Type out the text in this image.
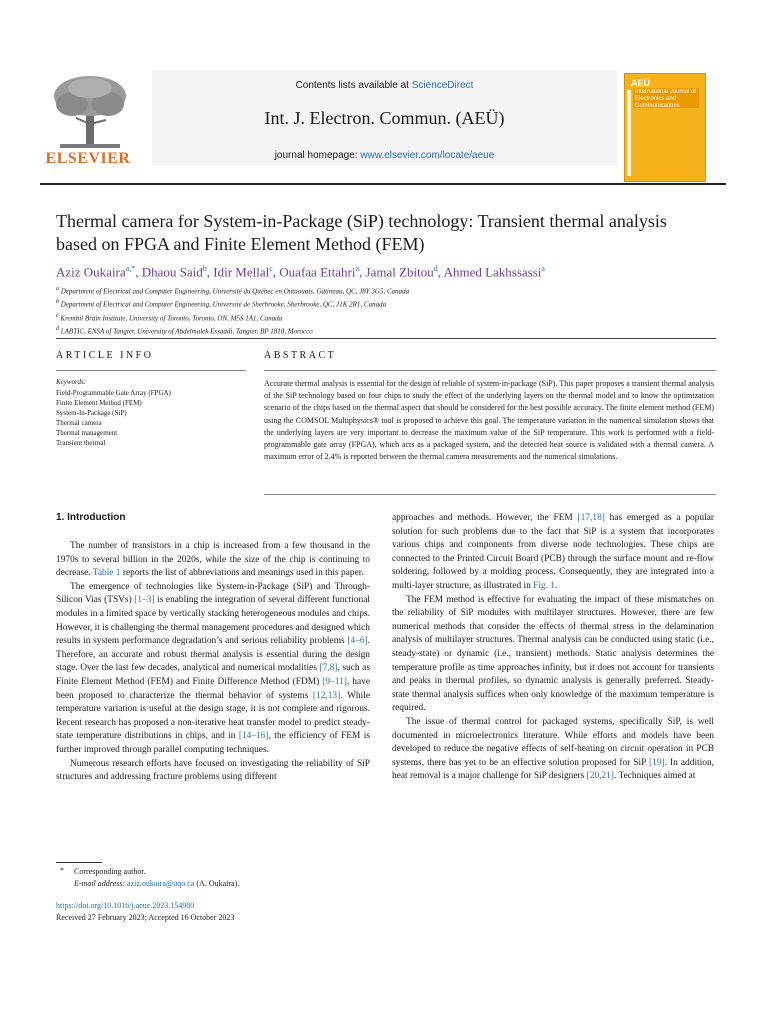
ELSEVIER
Contents lists available at ScienceDirect
Int. J. Electron. Commun. (AEÜ)
journal homepage: www.elsevier.com/locate/aeue
AEÜ
International Journal of Electronics and Communications
Thermal camera for System-in-Package (SiP) technology: Transient thermal analysis based on FPGA and Finite Element Method (FEM)
Aziz Oukaira$^{a,*}$, Dhaou Said$^b$, Idir Mellal$^c$, Ouafaa Ettahri$^a$, Jamal Zbitou$^d$, Ahmed Lakhssassi$^a$
$^a$ Department of Electrical and Computer Engineering, Université du Québec en Outaouais, Gatineau, QC, J8Y 3G5, Canada
$^b$ Department of Electrical and Computer Engineering, Université de Sherbrooke, Sherbrooke, QC, J1K 2R1, Canada
$^c$ Krembil Brain Institute, University of Toronto, Toronto, ON, M5S 1A1, Canada
$^d$ LABTIC, ENSA of Tangier, University of Abdelmalek Essaadi, Tangier, BP 1818, Morocco
ARTICLE INFO	ABSTRACT
Keywords:
Field-Programmable Gate Array (FPGA)
Finite Element Method (FEM)
System-In-Package (SiP)
Thermal camera
Thermal management
Transient thermal
Accurate thermal analysis is essential for the design of reliable of system-in-package (SiP). This paper proposes a transient thermal analysis of the SiP technology based on four chips to study the effect of the underlying layers on the thermal model and to know the optimization scenario of the chips based on the thermal aspect that should be considered for the best possible accuracy. The finite element method (FEM) using the COMSOL Multiphysics® tool is proposed to achieve this goal. The temperature variation in the numerical simulation shows that the underlying layers are very important to decrease the maximum value of the SiP temperature. This work is performed with a field-programmable gate array (FPGA), which acts as a packaged system, and the detected heat source is validated with a thermal camera. A maximum error of 2.4% is reported between the thermal camera measurements and the numerical simulations.
1. Introduction

The number of transistors in a chip is increased from a few thousand in the 1970s to several billion in the 2020s, while the size of the chip is continuing to decrease. Table 1 reports the list of abbreviations and meanings used in this paper.

The emergence of technologies like System-in-Package (SiP) and Through-Silicon Vias (TSVs) [1–3] is enabling the integration of several different functional modules in a limited space by vertically stacking heterogeneous modules and chips. However, it is challenging the thermal management procedures and designed which results in system performance degradation’s and serious reliability problems [4–6]. Therefore, an accurate and robust thermal analysis is essential during the design stage. Over the last few decades, analytical and numerical modalities [7,8], such as Finite Element Method (FEM) and Finite Difference Method (FDM) [9–11], have been proposed to characterize the thermal behavior of systems [12,13]. While temperature variation is useful at the design stage, it is not complete and rigorous. Recent research has proposed a non-iterative heat transfer model to predict steady-state temperature distributions in chips, and in [14–16], the efficiency of FEM is further improved through parallel computing techniques.

Numerous research efforts have focused on investigating the reliability of SiP structures and addressing fracture problems using different

approaches and methods. However, the FEM [17,18] has emerged as a popular solution for such problems due to the fact that SiP is a system that incorporates various chips and components from diverse node technologies. These chips are connected to the Printed Circuit Board (PCB) through the surface mount and re-flow soldering, followed by a molding process. Consequently, they are integrated into a multi-layer structure, as illustrated in Fig. 1.

The FEM method is effective for evaluating the impact of these mismatches on the reliability of SiP modules with multilayer structures. However, there are few numerical methods that consider the effects of thermal stress in the delamination analysis of multilayer structures. Thermal analysis can be conducted using static (i.e., steady-state) or dynamic (i.e., transient) methods. Static analysis determines the temperature profile as time approaches infinity, but it does not account for transients and peaks in thermal profiles, so dynamic analysis is generally preferred. Steady-state thermal analysis suffices when only knowledge of the maximum temperature is required.

The issue of thermal control for packaged systems, specifically SiP, is well documented in microelectronics literature. While efforts and models have been developed to reduce the negative effects of self-heating on circuit operation in PCB systems, there has yet to be an effective solution proposed for SiP [19]. In addition, heat removal is a major challenge for SiP designers [20,21]. Techniques aimed at

* Corresponding author.
E-mail address: aziz.oukaira@uqo.ca (A. Oukaira).
https://doi.org/10.1016/j.aeue.2023.154980
Received 27 February 2023; Accepted 16 October 2023
